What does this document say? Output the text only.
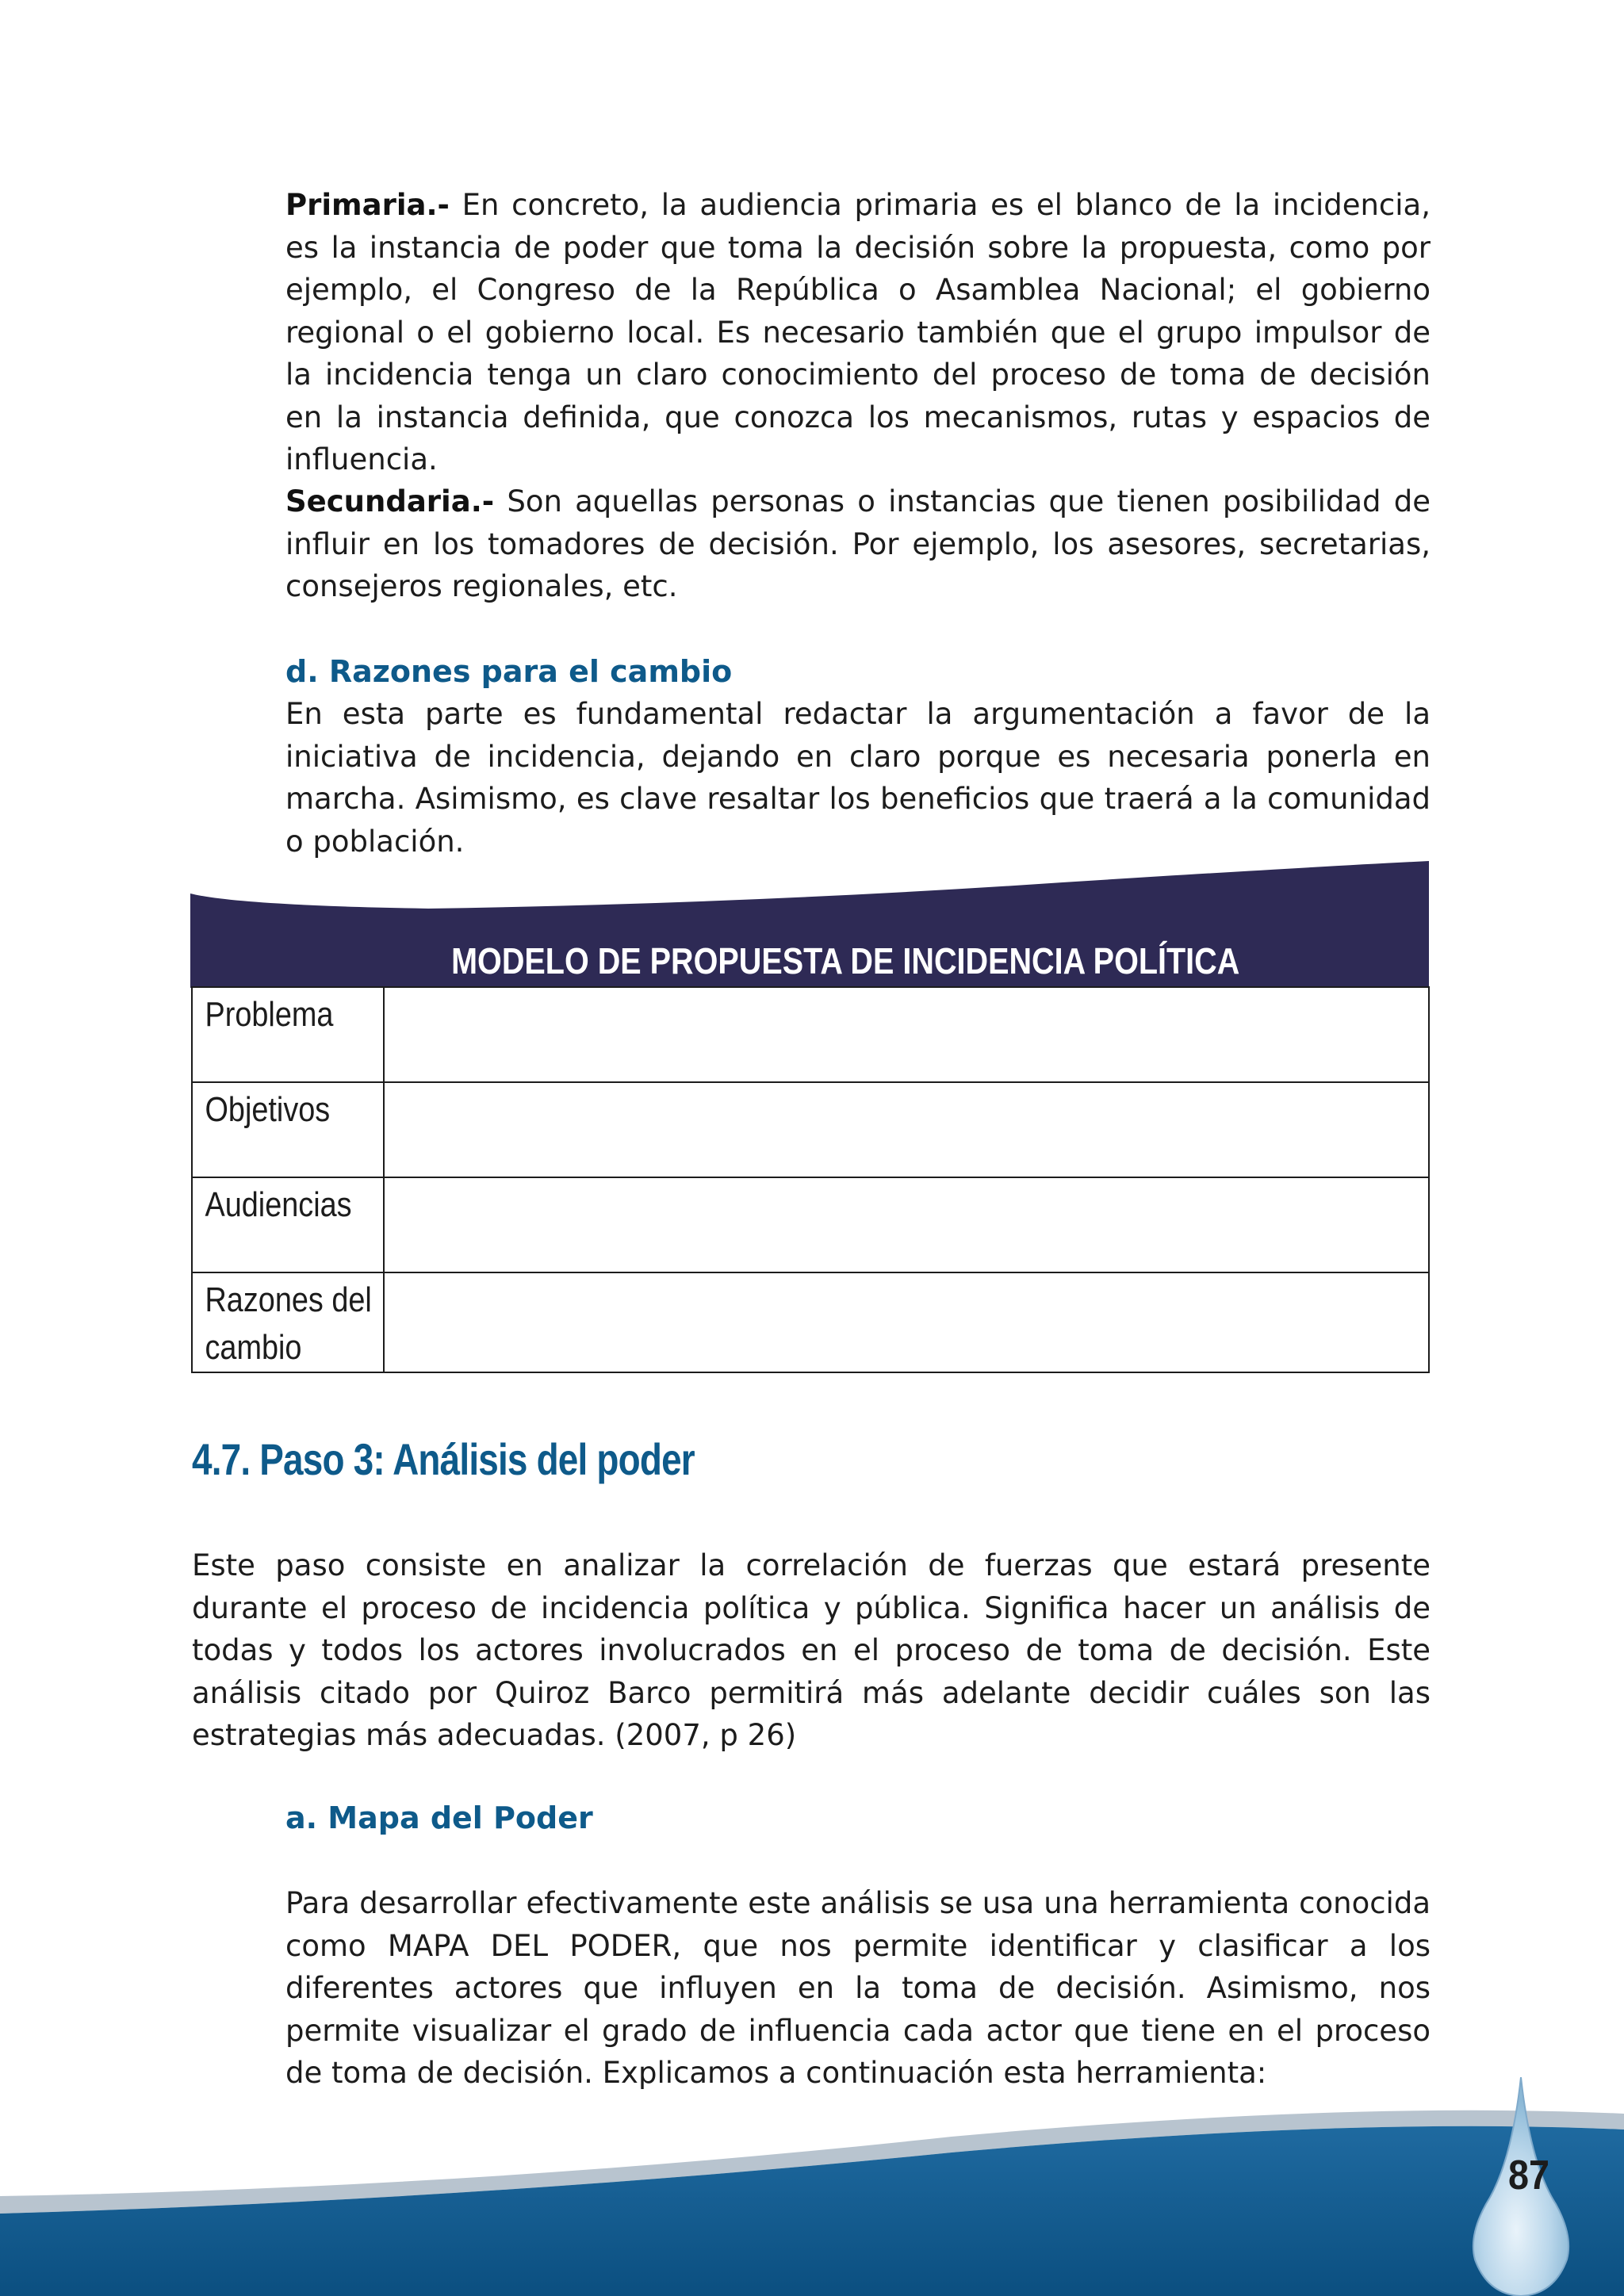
Primaria.- En concreto, la audiencia primaria es el blanco de la incidencia, es la instancia de poder que toma la decisión sobre la propuesta, como por ejemplo, el Congreso de la República o Asamblea Nacional; el gobierno regional o el gobierno local. Es necesario también que el grupo impulsor de la incidencia tenga un claro conocimiento del proceso de toma de decisión en la instancia definida, que conozca los mecanismos, rutas y espacios de influencia.

Secundaria.- Son aquellas personas o instancias que tienen posibilidad de influir en los tomadores de decisión. Por ejemplo, los asesores, secretarias, consejeros regionales, etc.

d. Razones para el cambio

En esta parte es fundamental redactar la argumentación a favor de la iniciativa de incidencia, dejando en claro porque es necesaria ponerla en marcha. Asimismo, es clave resaltar los beneficios que traerá a la comunidad o población.

MODELO DE PROPUESTA DE INCIDENCIA POLÍTICA
Problema	

Objetivos	

Audiencias	

Razones del cambio	

4.7. Paso 3: Análisis del poder

Este paso consiste en analizar la correlación de fuerzas que estará presente durante el proceso de incidencia política y pública. Significa hacer un análisis de todas y todos los actores involucrados en el proceso de toma de decisión. Este análisis citado por Quiroz Barco permitirá más adelante decidir cuáles son las estrategias más adecuadas. (2007, p 26)

a. Mapa del Poder

Para desarrollar efectivamente este análisis se usa una herramienta conocida como MAPA DEL PODER, que nos permite identificar y clasificar a los diferentes actores que influyen en la toma de decisión. Asimismo, nos permite visualizar el grado de influencia cada actor que tiene en el proceso de toma de decisión. Explicamos a continuación esta herramienta:

87
